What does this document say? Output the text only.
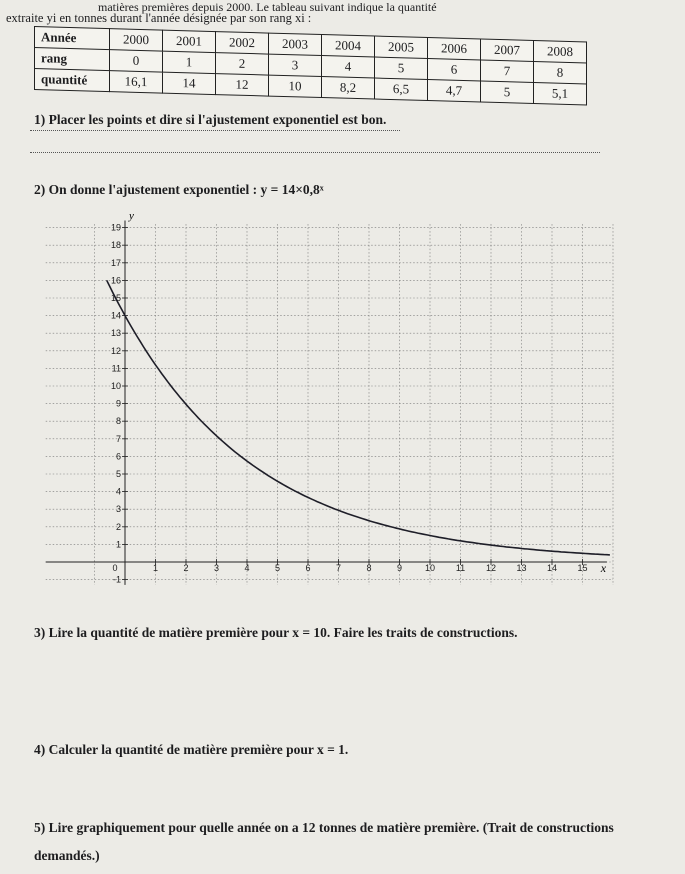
matières premières depuis 2000. Le tableau suivant indique la quantité
extraite yi en tonnes durant l'année désignée par son rang xi :
Année	2000	2001	2002	2003	2004	2005	2006	2007	2008
rang	0	1	2	3	4	5	6	7	8
quantité	16,1	14	12	10	8,2	6,5	4,7	5	5,1
1) Placer les points et dire si l'ajustement exponentiel est bon.
2) On donne l'ajustement exponentiel : y = 14×0,8ˣ
0	1	2	3	4	5	6	7	8	9	10 11 12 13 14 15
-1
1
2
3
4
5
6
7
8
9
10
11
12
13
14
15
16
17
18
19
y
x
3) Lire la quantité de matière première pour x = 10. Faire les traits de constructions.
4) Calculer la quantité de matière première pour x = 1.
5) Lire graphiquement pour quelle année on a 12 tonnes de matière première. (Trait de constructions
demandés.)
